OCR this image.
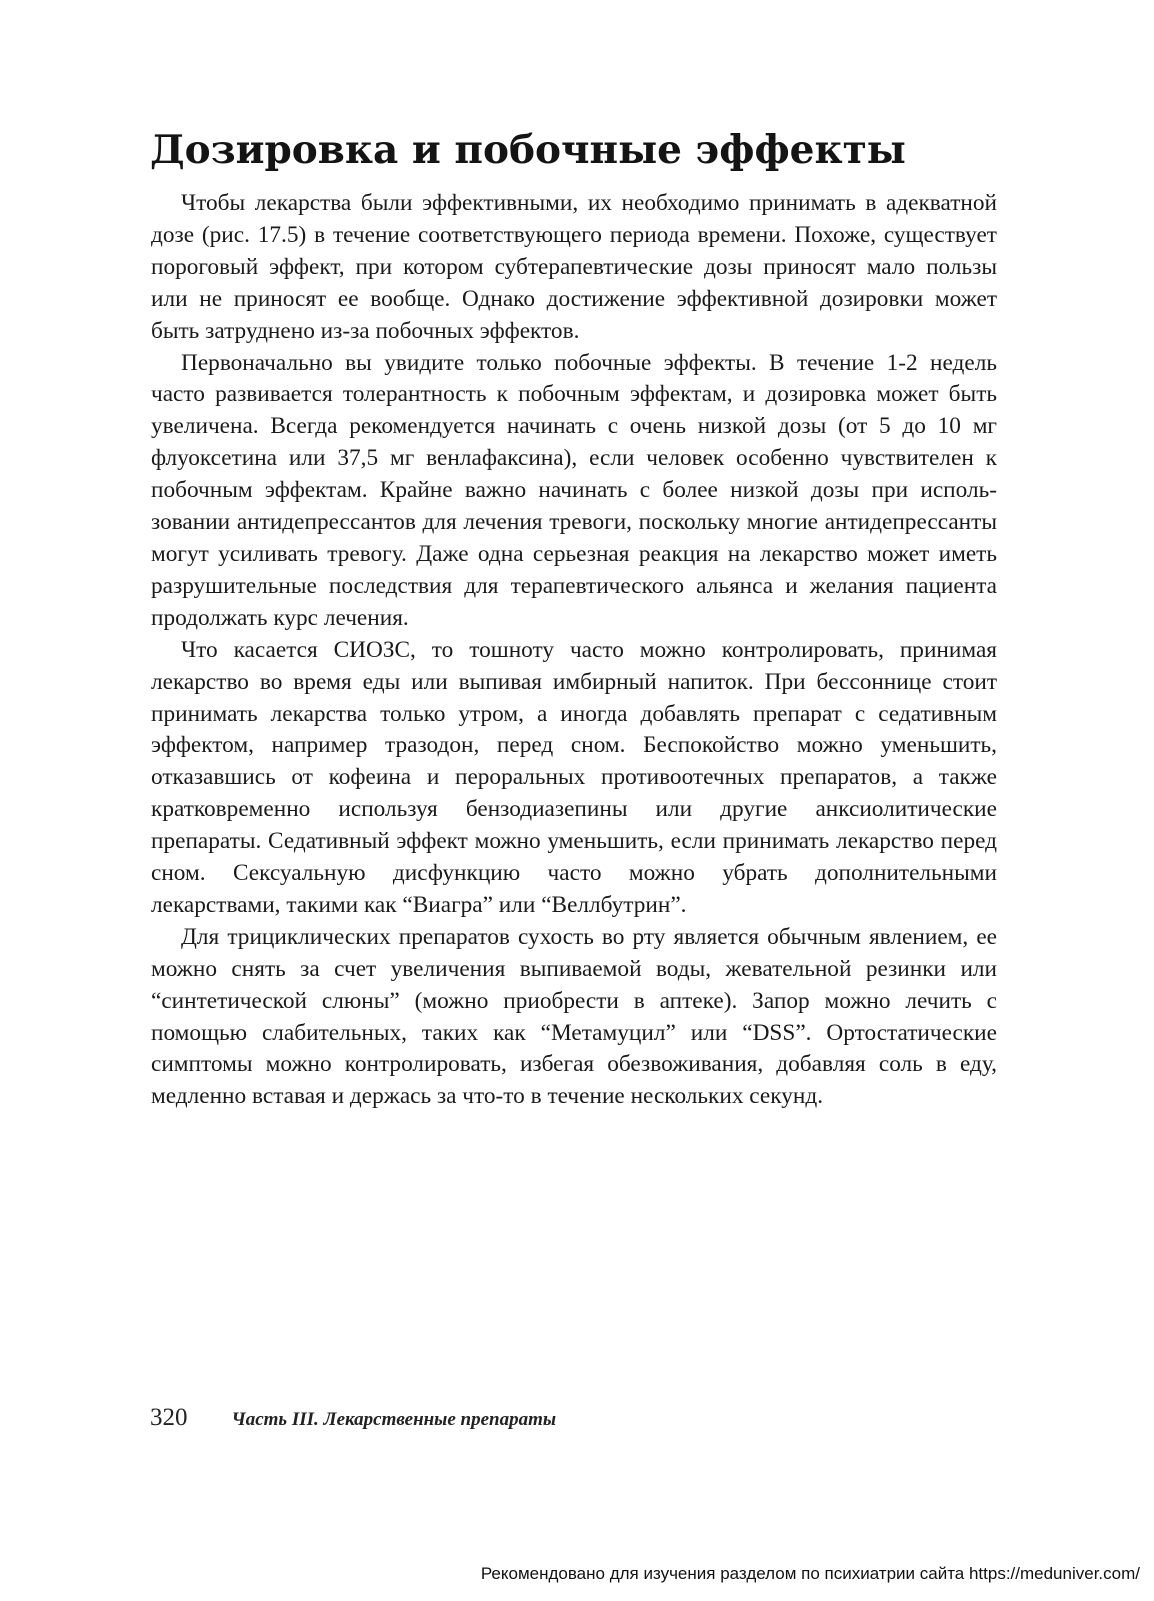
Дозировка и побочные эффекты

Чтобы лекарства были эффективными, их необходимо принимать в адекватной дозе (рис. 17.5) в течение соответствующего периода времени. Похоже, существует пороговый эффект, при котором субтерапевтические дозы приносят мало пользы или не приносят ее вообще. Однако достижение эффективной дозировки может быть затруднено из-за побочных эффектов.

Первоначально вы увидите только побочные эффекты. В течение 1-2 недель часто развивается толерантность к побочным эффектам, и дозировка может быть увеличена. Всегда рекомендуется начинать с очень низкой дозы (от 5 до 10 мг флуоксетина или 37,5 мг венлафаксина), если человек особенно чувствителен к побочным эффектам. Крайне важно начинать с более низкой дозы при использовании антидепрессантов для лечения тревоги, поскольку многие антидепрессанты могут усиливать тревогу. Даже одна серьезная реакция на лекарство может иметь разрушительные последствия для терапевтического альянса и желания пациента продолжать курс лечения.

Что касается СИОЗС, то тошноту часто можно контролировать, принимая лекарство во время еды или выпивая имбирный напиток. При бессоннице стоит принимать лекарства только утром, а иногда добавлять препарат с седативным эффектом, например тразодон, перед сном. Беспокойство можно уменьшить, отказавшись от кофеина и пероральных противоотечных препаратов, а также кратковременно используя бензодиазепины или другие анксиолитические препараты. Седативный эффект можно уменьшить, если принимать лекарство перед сном. Сексуальную дисфункцию часто можно убрать дополнительными лекарствами, такими как “Виагра” или “Веллбутрин”.

Для трициклических препаратов сухость во рту является обычным явлением, ее можно снять за счет увеличения выпиваемой воды, жевательной резинки или “синтетической слюны” (можно приобрести в аптеке). Запор можно лечить с помощью слабительных, таких как “Метамуцил” или “DSS”. Ортостатические симптомы можно контролировать, избегая обезвоживания, добавляя соль в еду, медленно вставая и держась за что-то в течение нескольких секунд.

320 Часть III. Лекарственные препараты
Рекомендовано для изучения разделом по психиатрии сайта https://meduniver.com/
